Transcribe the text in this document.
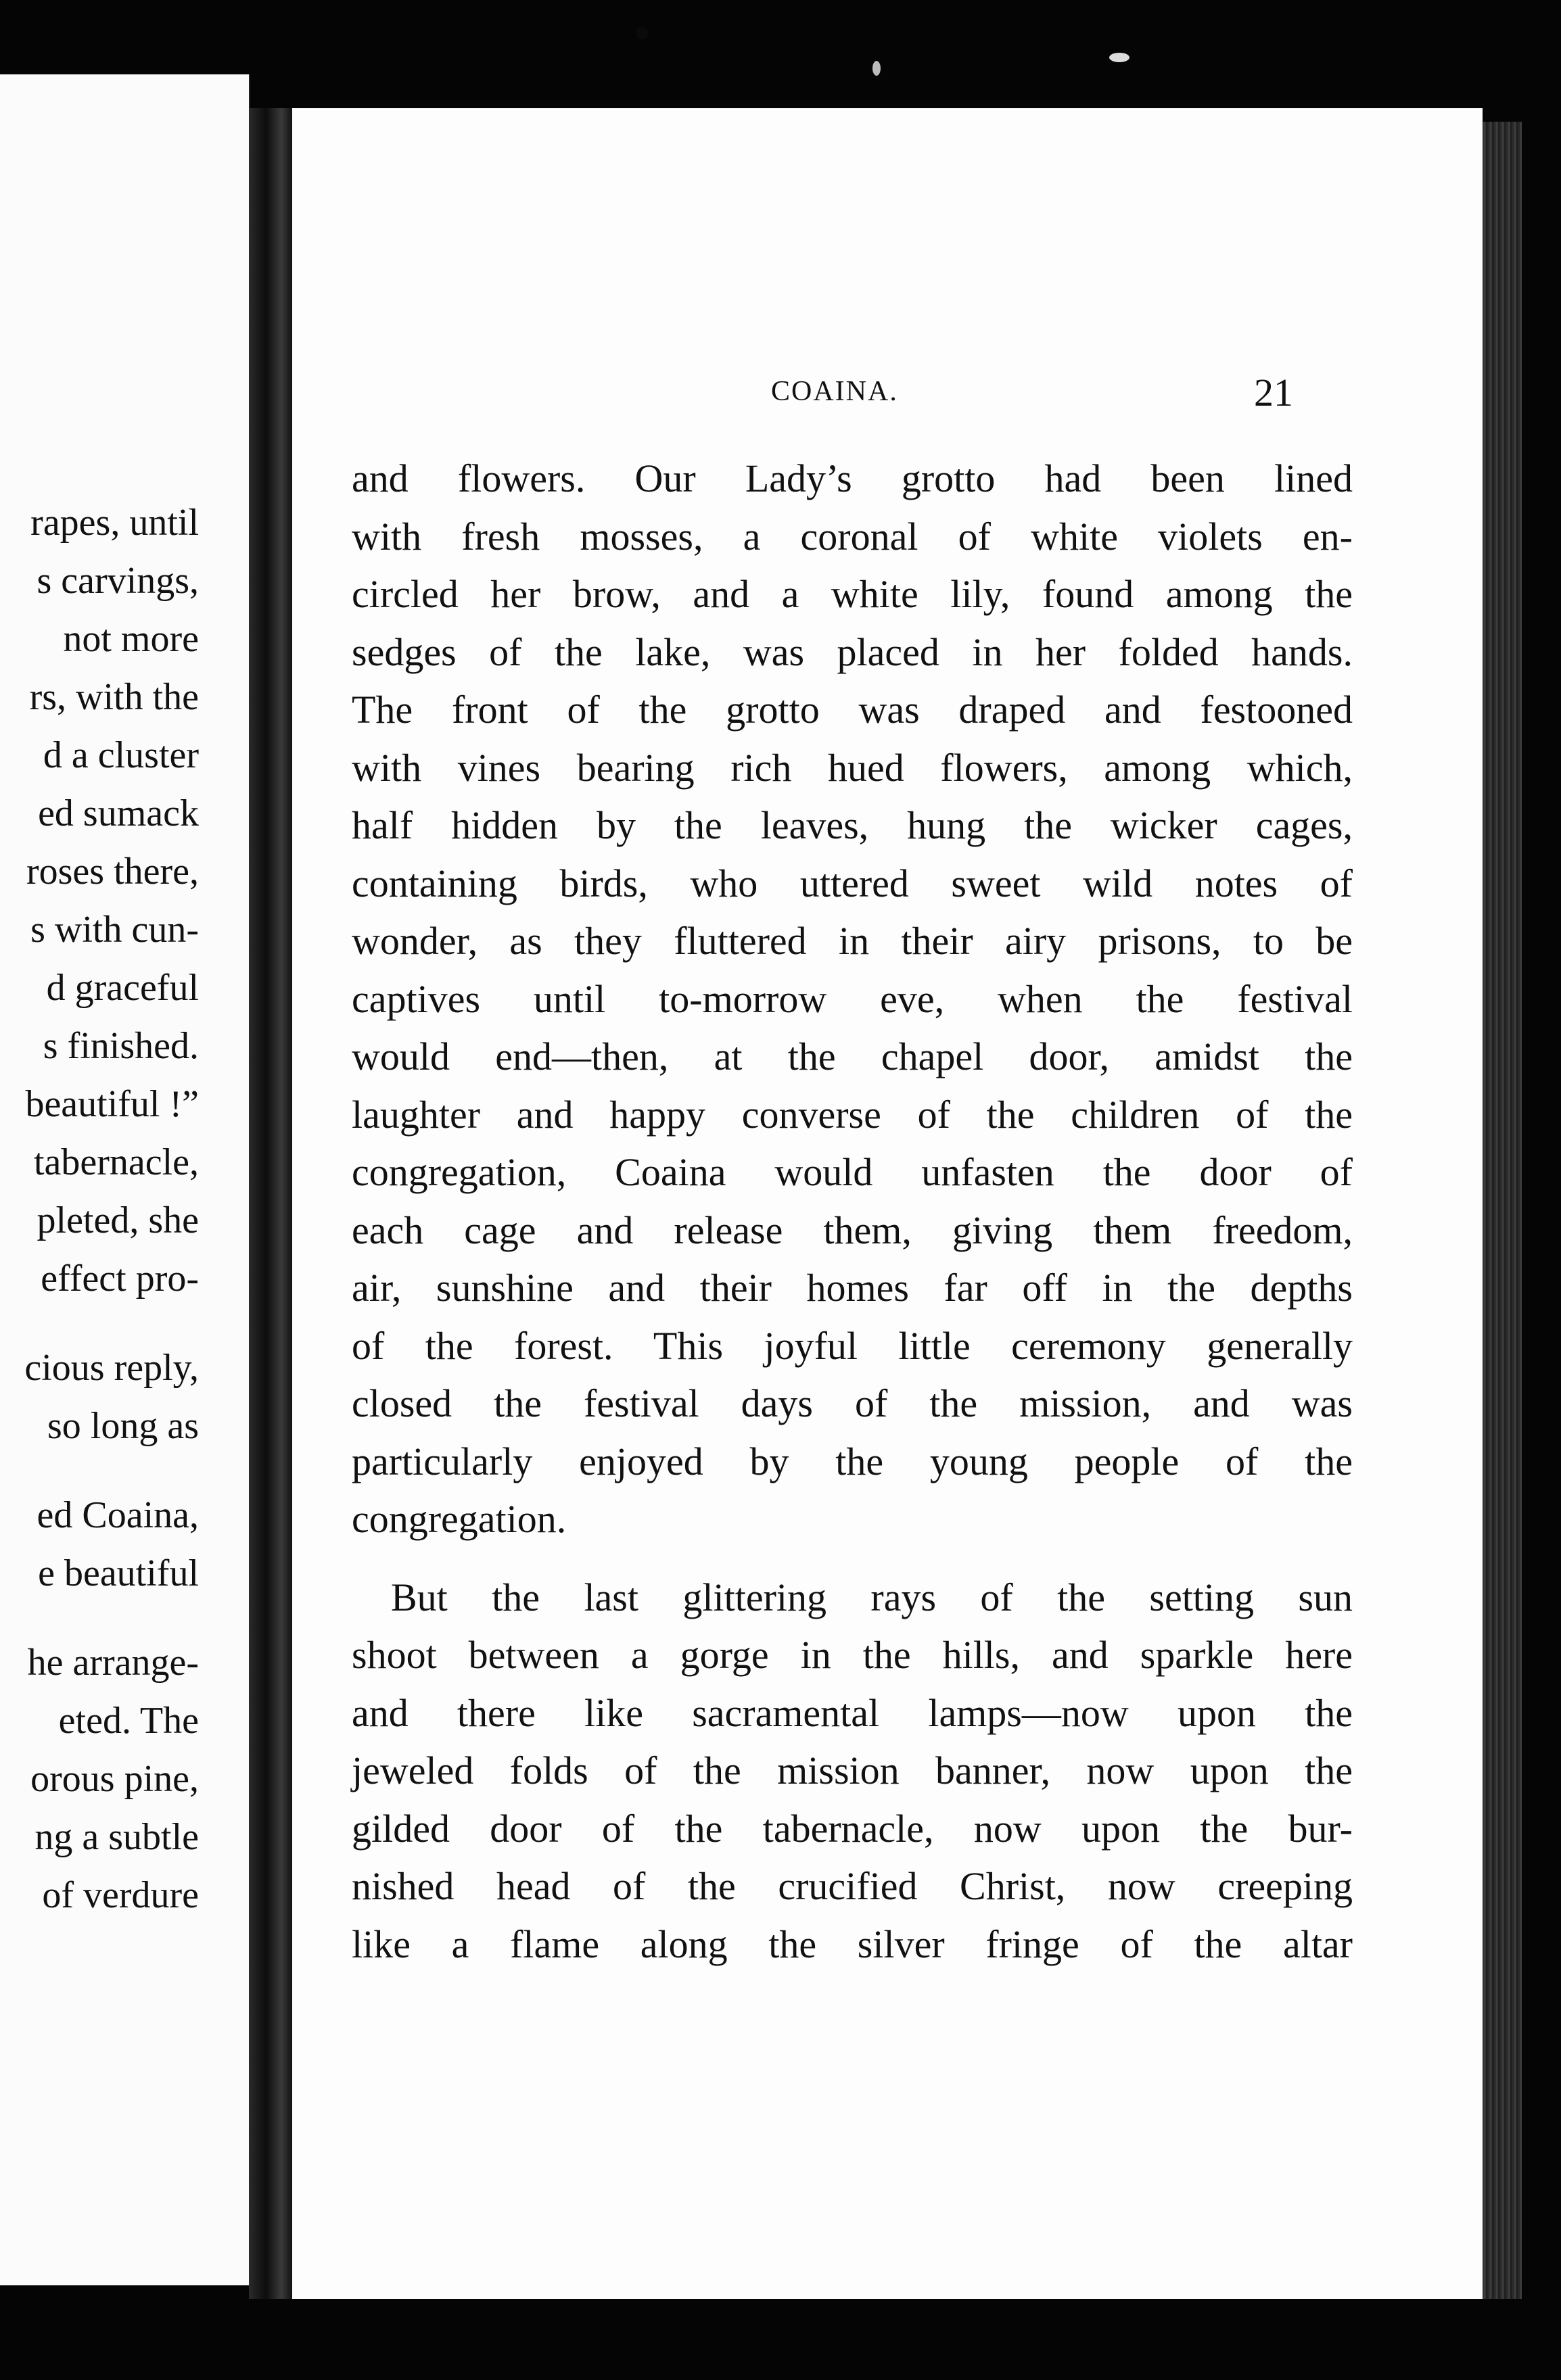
rapes, until
s carvings,
not more
rs, with the
d a cluster
ed sumack
roses there,
s with cun-
d graceful
s finished.
beautiful !”
tabernacle,
pleted, she
effect pro-
cious reply,
so long as
ed Coaina,
e beautiful
he arrange-
eted. The
orous pine,
ng a subtle
of verdure
COAINA.	21
and flowers. Our Lady’s grotto had been lined
with fresh mosses, a coronal of white violets en-
circled her brow, and a white lily, found among the
sedges of the lake, was placed in her folded hands.
The front of the grotto was draped and festooned
with vines bearing rich hued flowers, among which,
half hidden by the leaves, hung the wicker cages,
containing birds, who uttered sweet wild notes of
wonder, as they fluttered in their airy prisons, to be
captives until to-morrow eve, when the festival
would end—then, at the chapel door, amidst the
laughter and happy converse of the children of the
congregation, Coaina would unfasten the door of
each cage and release them, giving them freedom,
air, sunshine and their homes far off in the depths
of the forest. This joyful little ceremony generally
closed the festival days of the mission, and was
particularly enjoyed by the young people of the
congregation.
But the last glittering rays of the setting sun
shoot between a gorge in the hills, and sparkle here
and there like sacramental lamps—now upon the
jeweled folds of the mission banner, now upon the
gilded door of the tabernacle, now upon the bur-
nished head of the crucified Christ, now creeping
like a flame along the silver fringe of the altar
